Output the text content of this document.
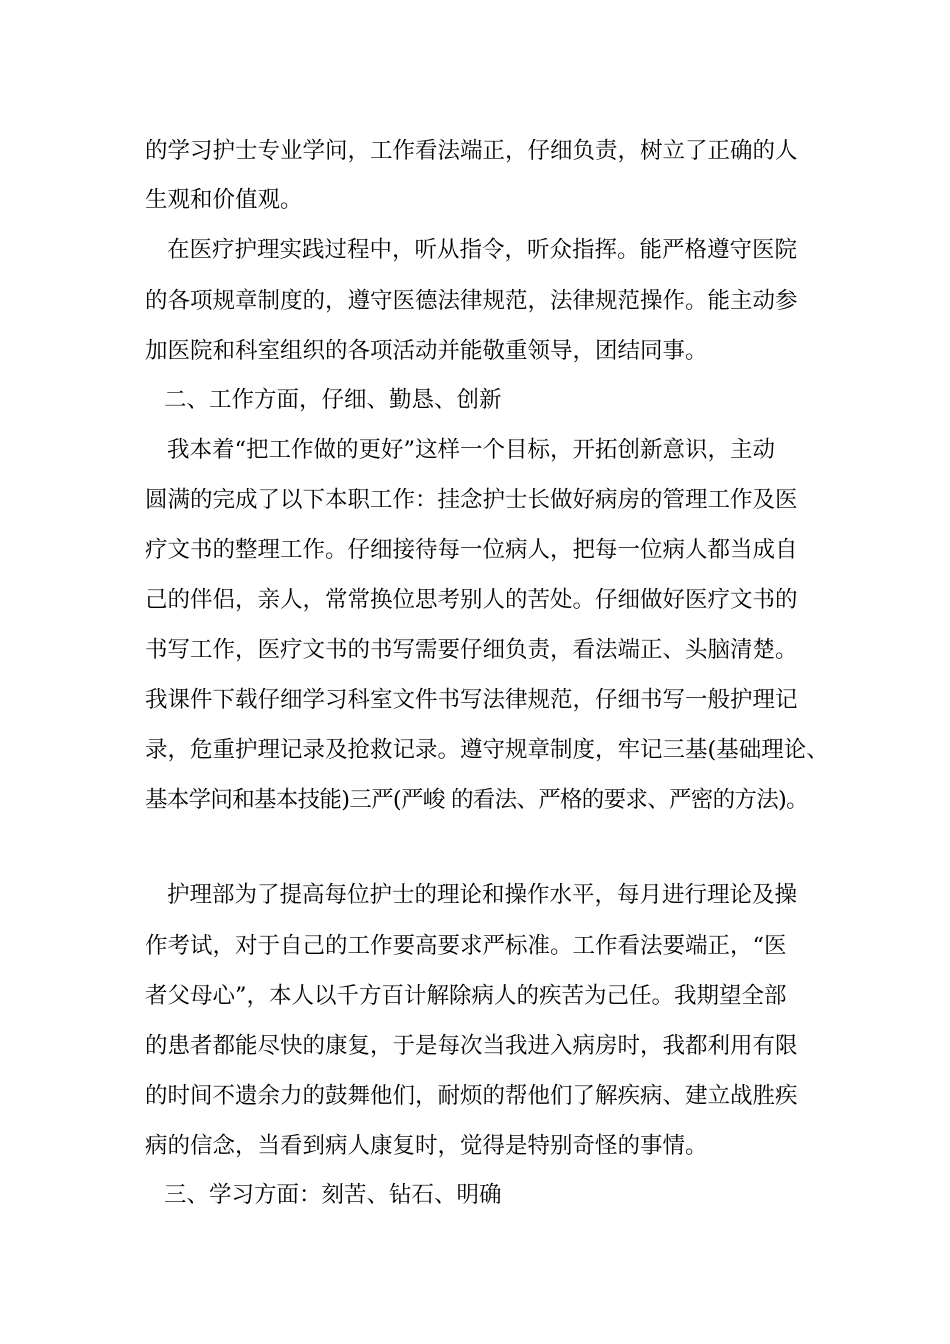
的学习护士专业学问，工作看法端正，仔细负责，树立了正确的人
生观和价值观。
在医疗护理实践过程中，听从指令，听众指挥。能严格遵守医院
的各项规章制度的，遵守医德法律规范，法律规范操作。能主动参
加医院和科室组织的各项活动并能敬重领导，团结同事。
二、工作方面，仔细、勤恳、创新
我本着“把工作做的更好”这样一个目标，开拓创新意识，主动
圆满的完成了以下本职工作：挂念护士长做好病房的管理工作及医
疗文书的整理工作。仔细接待每一位病人，把每一位病人都当成自
己的伴侣，亲人，常常换位思考别人的苦处。仔细做好医疗文书的
书写工作，医疗文书的书写需要仔细负责，看法端正、头脑清楚。
我课件下载仔细学习科室文件书写法律规范，仔细书写一般护理记
录，危重护理记录及抢救记录。遵守规章制度，牢记三基(基础理论、
基本学问和基本技能)三严(严峻 的看法、严格的要求、严密的方法)。
护理部为了提高每位护士的理论和操作水平，每月进行理论及操
作考试，对于自己的工作要高要求严标准。工作看法要端正，“医
者父母心”，本人以千方百计解除病人的疾苦为己任。我期望全部
的患者都能尽快的康复，于是每次当我进入病房时，我都利用有限
的时间不遗余力的鼓舞他们，耐烦的帮他们了解疾病、建立战胜疾
病的信念，当看到病人康复时，觉得是特别奇怪的事情。
三、学习方面：刻苦、钻石、明确
